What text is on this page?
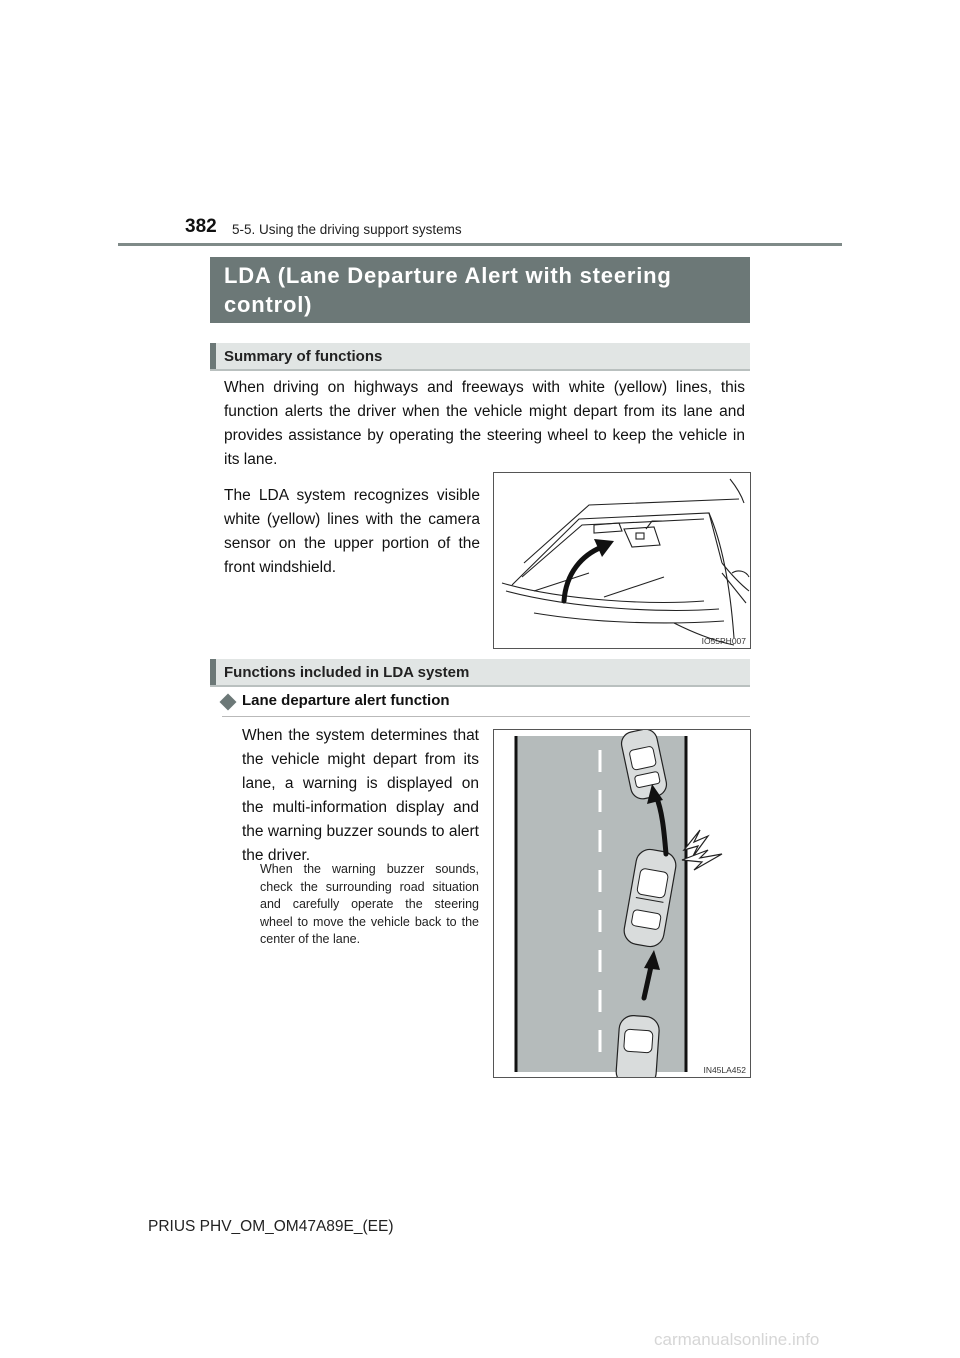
382 5-5. Using the driving support systems
LDA (Lane Departure Alert with steering control)
Summary of functions
When driving on highways and freeways with white (yellow) lines, this function alerts the driver when the vehicle might depart from its lane and provides assistance by operating the steering wheel to keep the vehicle in its lane.
The LDA system recognizes visible white (yellow) lines with the camera sensor on the upper portion of the front windshield.
IO55PH007
Functions included in LDA system
Lane departure alert function
When the system determines that the vehicle might depart from its lane, a warning is displayed on the multi-information display and the warning buzzer sounds to alert the driver.
When the warning buzzer sounds, check the surrounding road situation and carefully operate the steering wheel to move the vehicle back to the center of the lane.
IN45LA452
PRIUS PHV_OM_OM47A89E_(EE)
carmanualsonline.info
